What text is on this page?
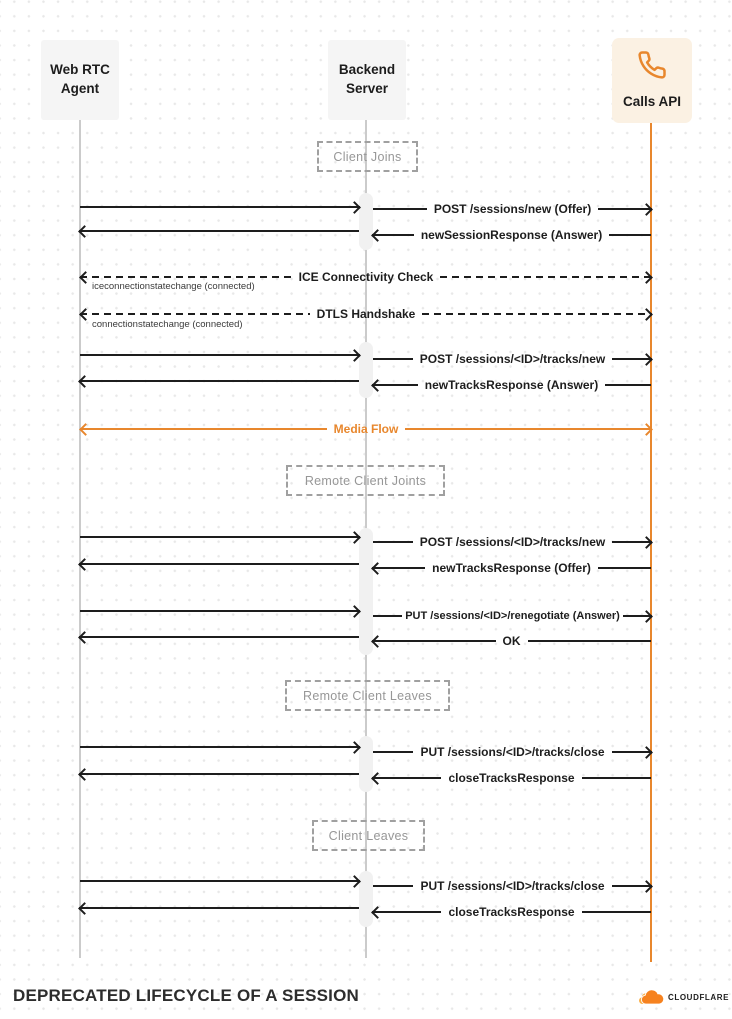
Web RTC
Agent
Backend
Server
Calls API
Client Joins
Remote Client Joints
Remote Client Leaves
Client Leaves
POST /sessions/new (Offer)
newSessionResponse (Answer)
ICE Connectivity Check
iceconnectionstatechange (connected)
DTLS Handshake
connectionstatechange (connected)
POST /sessions/<ID>/tracks/new
newTracksResponse (Answer)
Media Flow
POST /sessions/<ID>/tracks/new
newTracksResponse (Offer)
PUT /sessions/<ID>/renegotiate (Answer)
OK
PUT /sessions/<ID>/tracks/close
closeTracksResponse
PUT /sessions/<ID>/tracks/close
closeTracksResponse
DEPRECATED LIFECYCLE OF A SESSION	CLOUDFLARE
